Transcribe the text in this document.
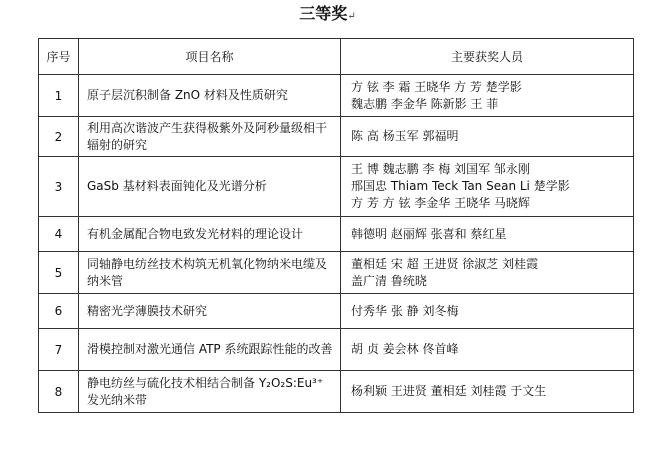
三等奖↵
序号	项目名称	主要获奖人员
1	原子层沉积制备 ZnO 材料及性质研究	方 铉 李 霜 王晓华 方 芳 楚学影
魏志鹏 李金华 陈新影 王 菲

2	利用高次谐波产生获得极紫外及阿秒量级相干辐射的研究	陈 高 杨玉军 郭福明

3	GaSb 基材料表面钝化及光谱分析	王 博 魏志鹏 李 梅 刘国军 邹永刚
邢国忠 Thiam Teck Tan Sean Li 楚学影
方 芳 方 铉 李金华 王晓华 马晓辉

4	有机金属配合物电致发光材料的理论设计	韩德明 赵丽辉 张喜和 蔡红星

5	同轴静电纺丝技术构筑无机氧化物纳米电缆及纳米管	董相廷 宋 超 王进贤 徐淑芝 刘桂霞
盖广清 鲁统晓

6	精密光学薄膜技术研究	付秀华 张 静 刘冬梅

7	滑模控制对激光通信 ATP 系统跟踪性能的改善	胡 贞 姜会林 佟首峰

8	静电纺丝与硫化技术相结合制备 Y₂O₂S:Eu³⁺ 发光纳米带	杨利颖 王进贤 董相廷 刘桂霞 于文生
